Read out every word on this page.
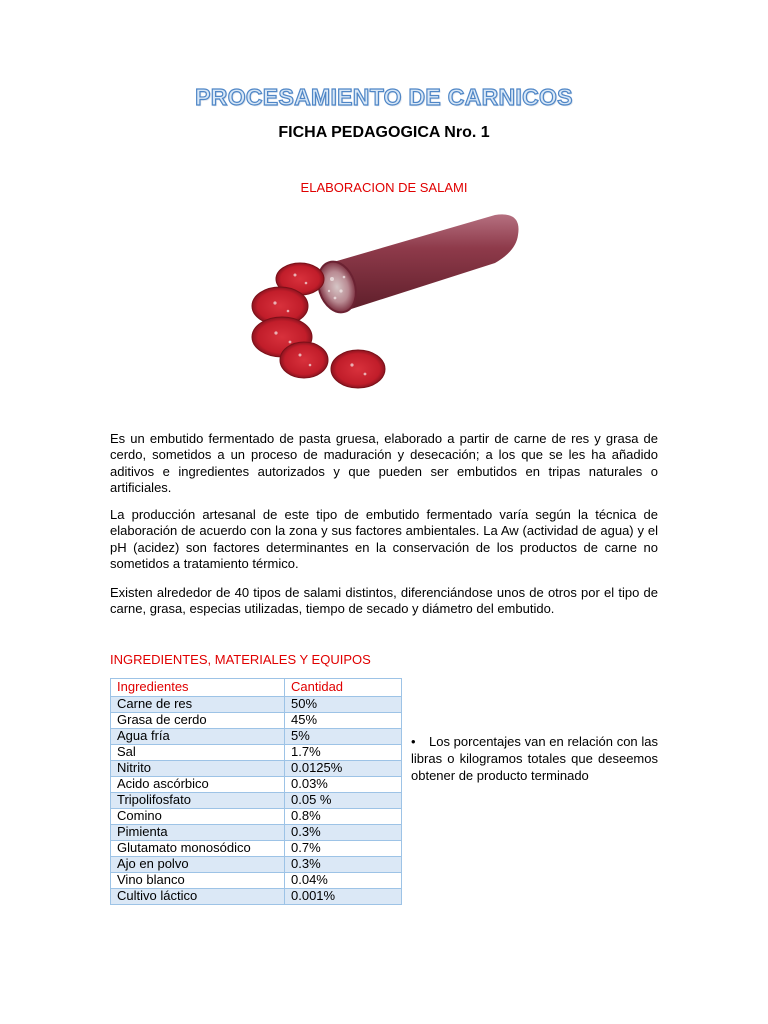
PROCESAMIENTO DE CARNICOS
FICHA PEDAGOGICA Nro. 1
ELABORACION DE SALAMI

Es un embutido fermentado de pasta gruesa, elaborado a partir de carne de res y grasa de cerdo, sometidos a un proceso de maduración y desecación; a los que se les ha añadido aditivos e ingredientes autorizados y que pueden ser embutidos en tripas naturales o artificiales.

La producción artesanal de este tipo de embutido fermentado varía según la técnica de elaboración de acuerdo con la zona y sus factores ambientales. La Aw (actividad de agua) y el pH (acidez) son factores determinantes en la conservación de los productos de carne no sometidos a tratamiento térmico.

Existen alrededor de 40 tipos de salami distintos, diferenciándose unos de otros por el tipo de carne, grasa, especias utilizadas, tiempo de secado y diámetro del embutido.

INGREDIENTES, MATERIALES Y EQUIPOS
Ingredientes	Cantidad
Carne de res	50%
Grasa de cerdo	45%
Agua fría	5%
Sal	1.7%
Nitrito	0.0125%
Acido ascórbico	0.03%
Tripolifosfato	0.05 %
Comino	0.8%
Pimienta	0.3%
Glutamato monosódico	0.7%
Ajo en polvo	0.3%
Vino blanco	0.04%
Cultivo láctico	0.001%
• Los porcentajes van en relación con las libras o kilogramos totales que deseemos obtener de producto terminado
